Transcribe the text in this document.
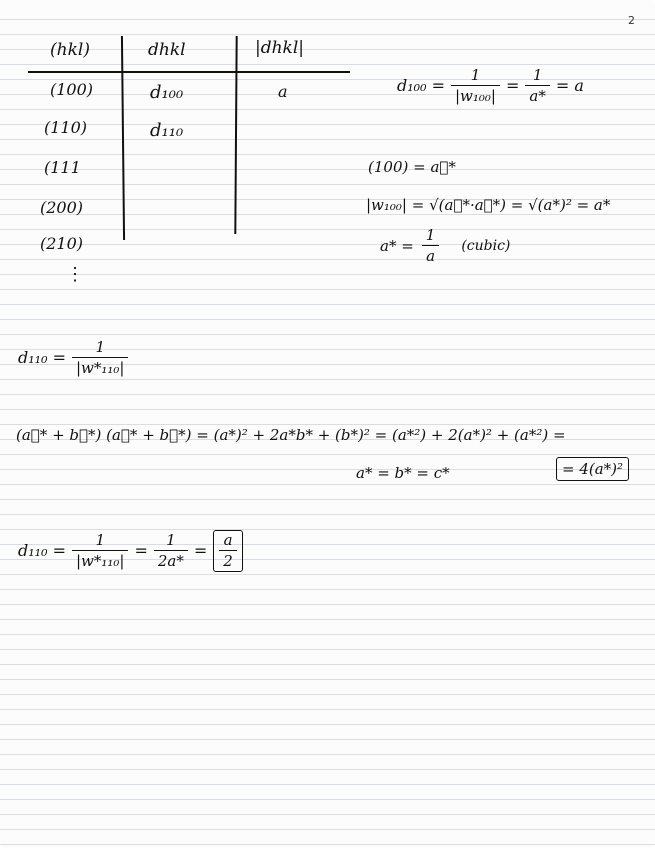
2
(hkl)	dhkl	|dhkl|
(100)	d₁₀₀	a
(110)	d₁₁₀
(111
(200)
(210)
⋮
$d_{100} = \frac{1}{\text{|w₁₀₀|}} = \frac{1}{a*} = a$
(100) = a⃗*
|w₁₀₀| = √(a⃗*·a⃗*) = √(a*)² = a*
$a* = \frac{1}{a}$ (cubic)
$d_{110} = \frac{1}{\text{|w*₁₁₀|}}$
(a⃗* + b⃗*) (a⃗* + b⃗*) = (a*)² + 2a*b* + (b*)² = (a*²) + 2(a*)² + (a*²) =
a* = b* = c*	= 4(a*)²
$d_{110} = \frac{1}{\text{|w*₁₁₀|}} = \frac{1}{2a*} = \frac{a}{2}$
